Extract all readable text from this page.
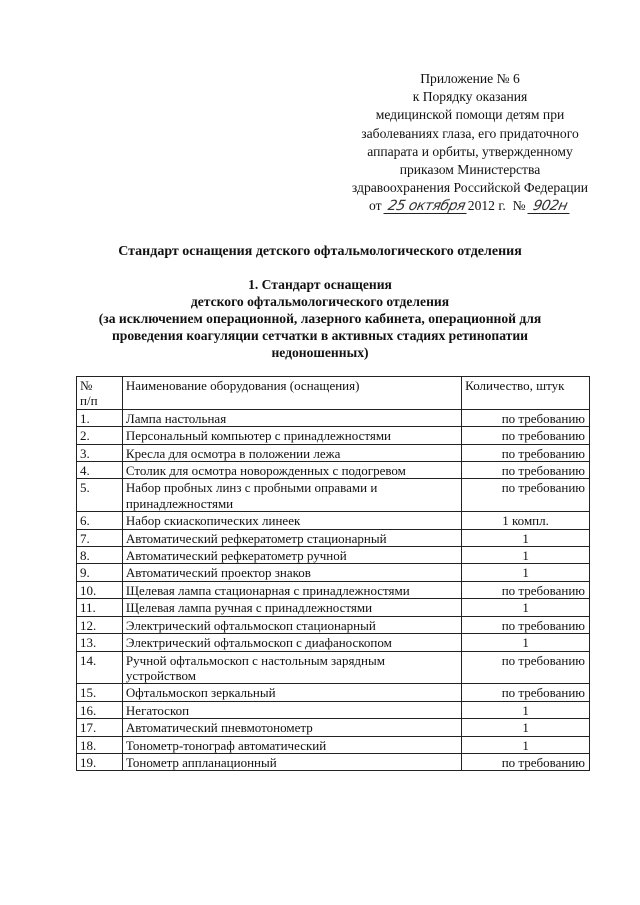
Приложение № 6
к Порядку оказания
медицинской помощи детям при
заболеваниях глаза, его придаточного
аппарата и орбиты, утвержденному
приказом Министерства
здравоохранения Российской Федерации
от 25 октября2012 г. № 902н
Стандарт оснащения детского офтальмологического отделения
1. Стандарт оснащения
детского офтальмологического отделения
(за исключением операционной, лазерного кабинета, операционной для
проведения коагуляции сетчатки в активных стадиях ретинопатии
недоношенных)
№
п/п	Наименование оборудования (оснащения)	Количество, штук
1.	Лампа настольная	по требованию
2.	Персональный компьютер с принадлежностями	по требованию
3.	Кресла для осмотра в положении лежа	по требованию
4.	Столик для осмотра новорожденных с подогревом	по требованию
5.	Набор пробных линз с пробными оправами и принадлежностями	по требованию
6.	Набор скиаскопических линеек	1 компл.
7.	Автоматический рефкератометр стационарный	1
8.	Автоматический рефкератометр ручной	1
9.	Автоматический проектор знаков	1
10.	Щелевая лампа стационарная с принадлежностями	по требованию
11.	Щелевая лампа ручная с принадлежностями	1
12.	Электрический офтальмоскоп стационарный	по требованию
13.	Электрический офтальмоскоп с диафаноскопом	1
14.	Ручной офтальмоскоп с настольным зарядным устройством	по требованию
15.	Офтальмоскоп зеркальный	по требованию
16.	Негатоскоп	1
17.	Автоматический пневмотонометр	1
18.	Тонометр-тонограф автоматический	1
19.	Тонометр аппланационный	по требованию
